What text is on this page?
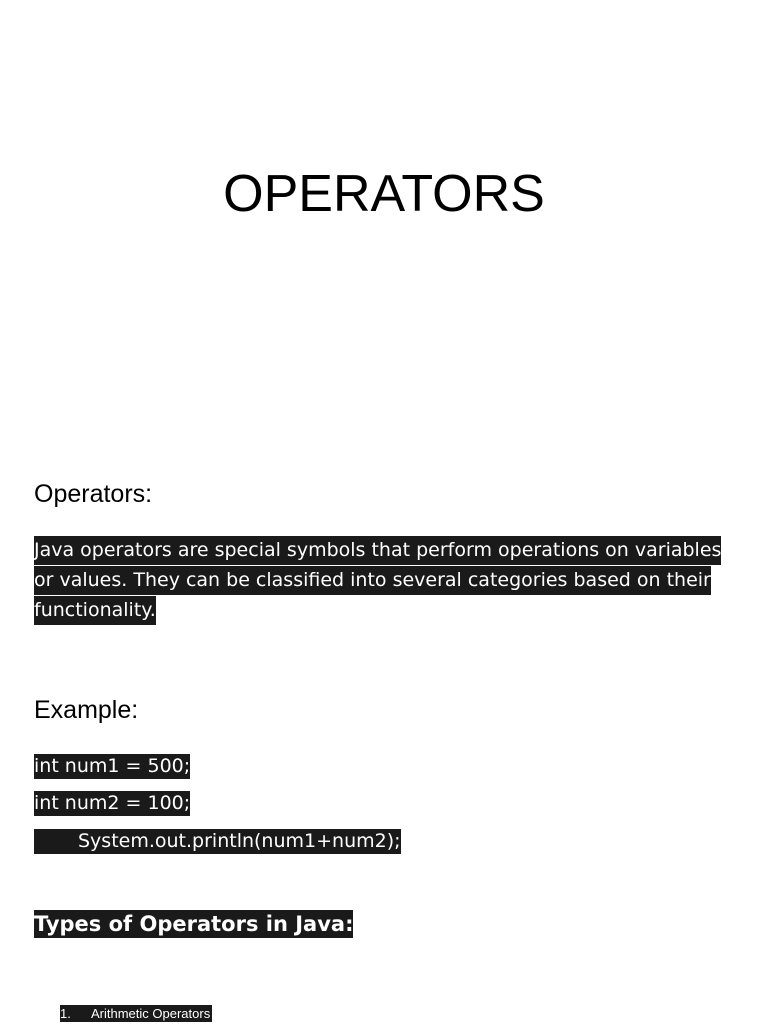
OPERATORS
Operators:

Java operators are special symbols that perform operations on variables or values. They can be classified into several categories based on their functionality.

Example:

int num1 = 500;

int num2 = 100;

System.out.println(num1+num2);

Types of Operators in Java:

1. Arithmetic Operators
